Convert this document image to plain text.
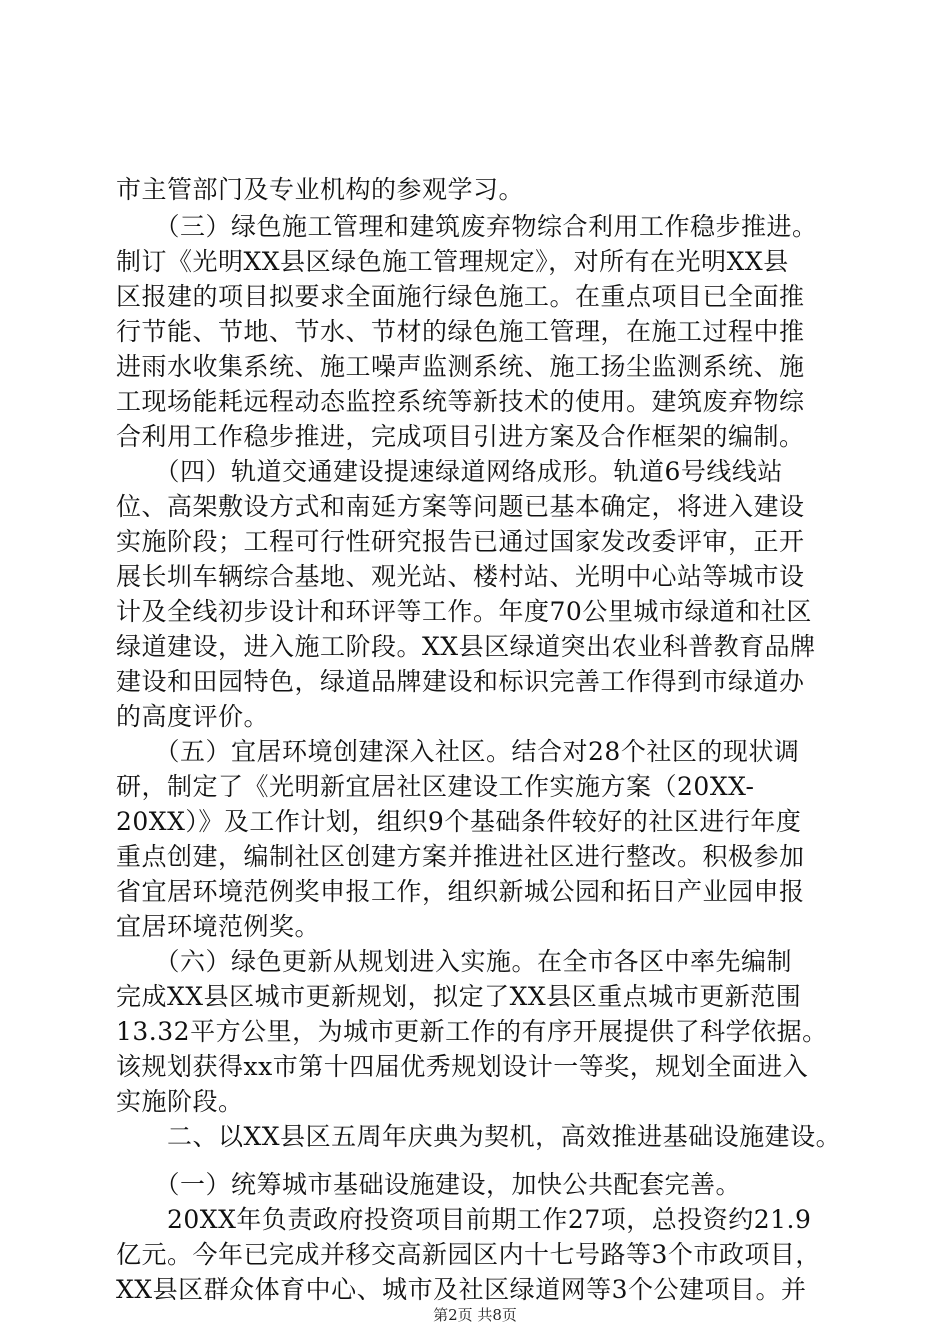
市主管部门及专业机构的参观学习。
　　（三）绿色施工管理和建筑废弃物综合利用工作稳步推进。
制订《光明XX县区绿色施工管理规定》，对所有在光明XX县
区报建的项目拟要求全面施行绿色施工。在重点项目已全面推
行节能、节地、节水、节材的绿色施工管理，在施工过程中推
进雨水收集系统、施工噪声监测系统、施工扬尘监测系统、施
工现场能耗远程动态监控系统等新技术的使用。建筑废弃物综
合利用工作稳步推进，完成项目引进方案及合作框架的编制。
　　（四）轨道交通建设提速绿道网络成形。轨道6号线线站
位、高架敷设方式和南延方案等问题已基本确定，将进入建设
实施阶段；工程可行性研究报告已通过国家发改委评审，正开
展长圳车辆综合基地、观光站、楼村站、光明中心站等城市设
计及全线初步设计和环评等工作。年度70公里城市绿道和社区
绿道建设，进入施工阶段。XX县区绿道突出农业科普教育品牌
建设和田园特色，绿道品牌建设和标识完善工作得到市绿道办
的高度评价。
　　（五）宜居环境创建深入社区。结合对28个社区的现状调
研，制定了《光明新宜居社区建设工作实施方案（20XX-
20XX）》及工作计划，组织9个基础条件较好的社区进行年度
重点创建，编制社区创建方案并推进社区进行整改。积极参加
省宜居环境范例奖申报工作，组织新城公园和拓日产业园申报
宜居环境范例奖。
　　（六）绿色更新从规划进入实施。在全市各区中率先编制
完成XX县区城市更新规划，拟定了XX县区重点城市更新范围
13.32平方公里，为城市更新工作的有序开展提供了科学依据。
该规划获得xx市第十四届优秀规划设计一等奖，规划全面进入
实施阶段。
　　二、以XX县区五周年庆典为契机，高效推进基础设施建设。
　　（一）统筹城市基础设施建设，加快公共配套完善。
　　20XX年负责政府投资项目前期工作27项，总投资约21.9
亿元。今年已完成并移交高新园区内十七号路等3个市政项目，
XX县区群众体育中心、城市及社区绿道网等3个公建项目。并
第2页 共8页
